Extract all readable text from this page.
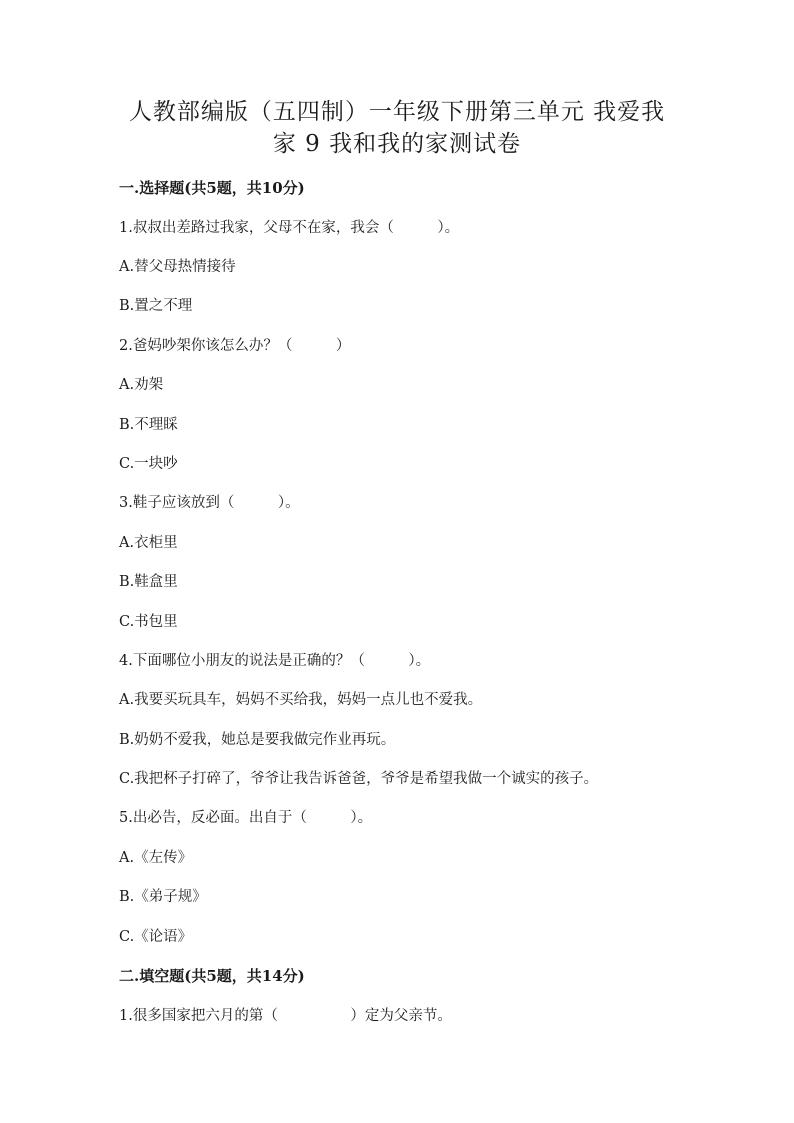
人教部编版（五四制）一年级下册第三单元 我爱我
家 9 我和我的家测试卷
一.选择题(共5题，共10分)
1.叔叔出差路过我家，父母不在家，我会（　　　）。
A.替父母热情接待
B.置之不理
2.爸妈吵架你该怎么办？（　　　）
A.劝架
B.不理睬
C.一块吵
3.鞋子应该放到（　　　）。
A.衣柜里
B.鞋盒里
C.书包里
4.下面哪位小朋友的说法是正确的？（　　　）。
A.我要买玩具车，妈妈不买给我，妈妈一点儿也不爱我。
B.奶奶不爱我，她总是要我做完作业再玩。
C.我把杯子打碎了，爷爷让我告诉爸爸，爷爷是希望我做一个诚实的孩子。
5.出必告，反必面。出自于（　　　）。
A.《左传》
B.《弟子规》
C.《论语》
二.填空题(共5题，共14分)
1.很多国家把六月的第（　　　　　）定为父亲节。
